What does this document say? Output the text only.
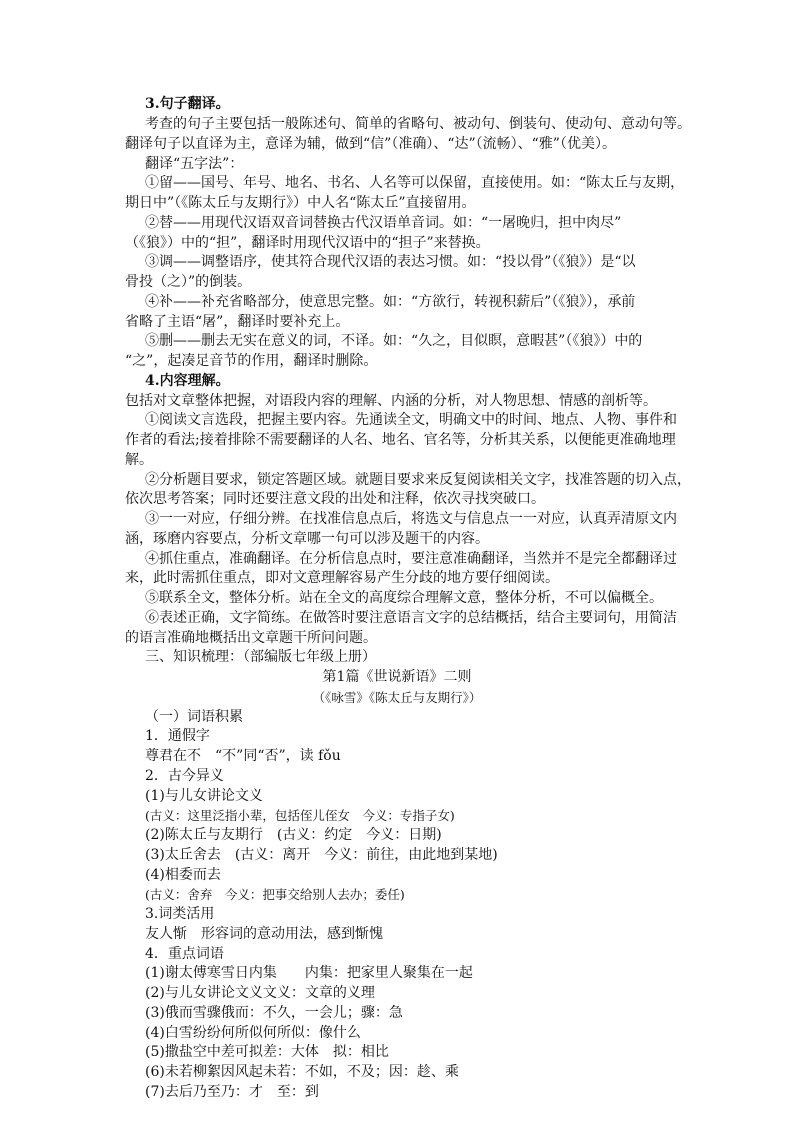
3.句子翻译。
考查的句子主要包括一般陈述句、简单的省略句、被动句、倒装句、使动句、意动句等。
翻译句子以直译为主，意译为辅，做到“信”（准确）、“达”（流畅）、“雅”（优美）。
翻译“五字法”：
①留——国号、年号、地名、书名、人名等可以保留，直接使用。如：“陈太丘与友期，
期日中”（《陈太丘与友期行》）中人名“陈太丘”直接留用。
②替——用现代汉语双音词替换古代汉语单音词。如：“一屠晚归，担中肉尽”
（《狼》）中的“担”，翻译时用现代汉语中的“担子”来替换。
③调——调整语序，使其符合现代汉语的表达习惯。如：“投以骨”（《狼》）是“以
骨投（之）”的倒装。
④补——补充省略部分，使意思完整。如：“方欲行，转视积薪后”（《狼》），承前
省略了主语“屠”，翻译时要补充上。
⑤删——删去无实在意义的词，不译。如：“久之，目似瞑，意暇甚”（《狼》）中的
“之”，起凑足音节的作用，翻译时删除。
4.内容理解。
包括对文章整体把握，对语段内容的理解、内涵的分析，对人物思想、情感的剖析等。
①阅读文言选段，把握主要内容。先通读全文，明确文中的时间、地点、人物、事件和
作者的看法;接着排除不需要翻译的人名、地名、官名等，分析其关系，以便能更准确地理
解。
②分析题目要求，锁定答题区域。就题目要求来反复阅读相关文字，找准答题的切入点，
依次思考答案；同时还要注意文段的出处和注释，依次寻找突破口。
③一一对应，仔细分辨。在找准信息点后，将选文与信息点一一对应，认真弄清原文内
涵，琢磨内容要点，分析文章哪一句可以涉及题干的内容。
④抓住重点，准确翻译。在分析信息点时，要注意准确翻译，当然并不是完全都翻译过
来，此时需抓住重点，即对文意理解容易产生分歧的地方要仔细阅读。
⑤联系全文，整体分析。站在全文的高度综合理解文意，整体分析，不可以偏概全。
⑥表述正确，文字简练。在做答时要注意语言文字的总结概括，结合主要词句，用简洁
的语言准确地概括出文章题干所问问题。
三、知识梳理：（部编版七年级上册）
第1篇《世说新语》二则
（《咏雪》《陈太丘与友期行》）
（一）词语积累
1．通假字
尊君在不　“不”同“否”，读 fǒu
2．古今异义
(1)与儿女讲论文义
(古义：这里泛指小辈，包括侄儿侄女　今义：专指子女)
(2)陈太丘与友期行　(古义：约定　今义：日期)
(3)太丘舍去　(古义：离开　今义：前往，由此地到某地)
(4)相委而去
(古义：舍弃　今义：把事交给别人去办；委任)
3.词类活用
友人惭　形容词的意动用法，感到惭愧
4．重点词语
(1)谢太傅寒雪日内集　　内集：把家里人聚集在一起
(2)与儿女讲论文义文义：文章的义理
(3)俄而雪骤俄而：不久，一会儿；骤：急
(4)白雪纷纷何所似何所似：像什么
(5)撒盐空中差可拟差：大体　拟：相比
(6)未若柳絮因风起未若：不如，不及；因：趁、乘
(7)去后乃至乃：才　至：到
